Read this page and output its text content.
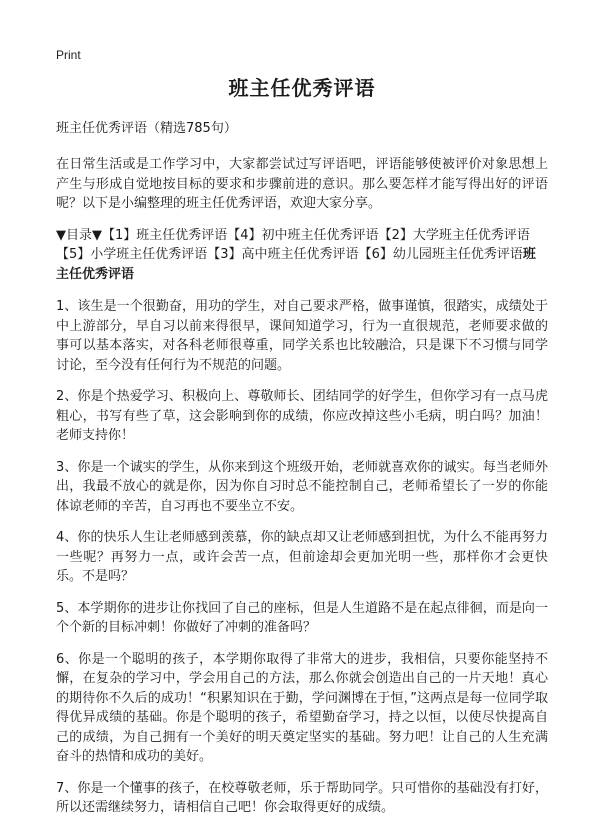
Print
班主任优秀评语
班主任优秀评语（精选785句）

在日常生活或是工作学习中，大家都尝试过写评语吧，评语能够使被评价对象思想上产生与形成自觉地按目标的要求和步骤前进的意识。那么要怎样才能写得出好的评语呢？以下是小编整理的班主任优秀评语，欢迎大家分享。

▼目录▼【1】班主任优秀评语【4】初中班主任优秀评语【2】大学班主任优秀评语【5】小学班主任优秀评语【3】高中班主任优秀评语【6】幼儿园班主任优秀评语班主任优秀评语

1、该生是一个很勤奋，用功的学生，对自己要求严格，做事谨慎，很踏实，成绩处于中上游部分，早自习以前来得很早，课间知道学习，行为一直很规范，老师要求做的事可以基本落实，对各科老师很尊重，同学关系也比较融洽，只是课下不习惯与同学讨论，至今没有任何行为不规范的问题。

2、你是个热爱学习、积极向上、尊敬师长、团结同学的好学生，但你学习有一点马虎粗心，书写有些了草，这会影响到你的成绩，你应改掉这些小毛病，明白吗？加油！老师支持你！

3、你是一个诚实的学生，从你来到这个班级开始，老师就喜欢你的诚实。每当老师外出，我最不放心的就是你，因为你自习时总不能控制自己，老师希望长了一岁的你能体谅老师的辛苦，自习再也不要坐立不安。

4、你的快乐人生让老师感到羡慕，你的缺点却又让老师感到担忧，为什么不能再努力一些呢？再努力一点，或许会苦一点，但前途却会更加光明一些，那样你才会更快乐。不是吗？

5、本学期你的进步让你找回了自己的座标，但是人生道路不是在起点徘徊，而是向一个个新的目标冲刺！你做好了冲刺的准备吗？

6、你是一个聪明的孩子，本学期你取得了非常大的进步，我相信，只要你能坚持不懈，在复杂的学习中，学会用自己的方法，那么你就会创造出自己的一片天地！真心的期待你不久后的成功！“积累知识在于勤，学问渊博在于恒，”这两点是每一位同学取得优异成绩的基础。你是个聪明的孩子，希望勤奋学习，持之以恒，以使尽快提高自己的成绩，为自己拥有一个美好的明天奠定坚实的基础。努力吧！让自己的人生充满奋斗的热情和成功的美好。

7、你是一个懂事的孩子，在校尊敬老师，乐于帮助同学。只可惜你的基础没有打好，所以还需继续努力，请相信自己吧！你会取得更好的成绩。
